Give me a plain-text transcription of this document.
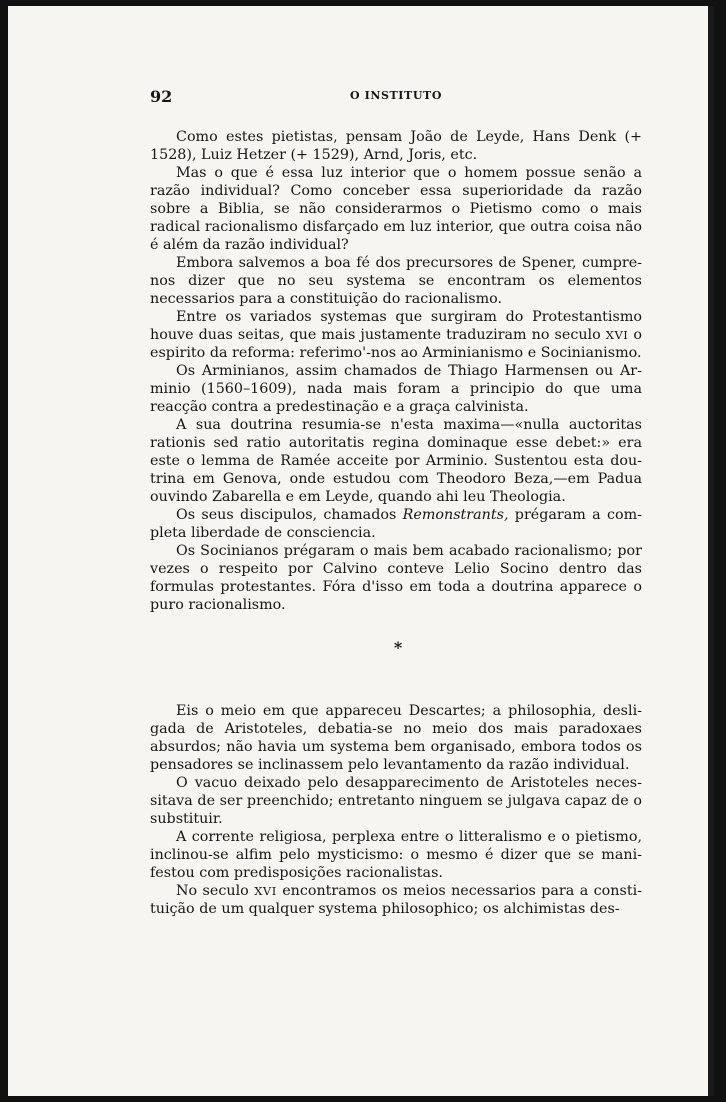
92	O INSTITUTO

Como estes pietistas, pensam João de Leyde, Hans Denk (+ 1528), Luiz Hetzer (+ 1529), Arnd, Joris, etc.

Mas o que é essa luz interior que o homem possue senão a razão individual? Como conceber essa superioridade da razão sobre a Biblia, se não considerarmos o Pietismo como o mais radical racionalismo disfarçado em luz interior, que outra coisa não é além da razão individual?

Embora salvemos a boa fé dos precursores de Spener, cumpre-nos dizer que no seu systema se encontram os elementos necessarios para a constituição do racionalismo.

Entre os variados systemas que surgiram do Protestantismo houve duas seitas, que mais justamente traduziram no seculo XVI o espirito da reforma: referimo'-nos ao Arminianismo e Socinianismo.

Os Arminianos, assim chamados de Thiago Harmensen ou Arminio (1560–1609), nada mais foram a principio do que uma reacção contra a predestinação e a graça calvinista.

A sua doutrina resumia-se n'esta maxima—«nulla auctoritas rationis sed ratio autoritatis regina dominaque esse debet:» era este o lemma de Ramée acceite por Arminio. Sustentou esta doutrina em Genova, onde estudou com Theodoro Beza,—em Padua ouvindo Zabarella e em Leyde, quando ahi leu Theologia.

Os seus discipulos, chamados Remonstrants, prégaram a completa liberdade de consciencia.

Os Socinianos prégaram o mais bem acabado racionalismo; por vezes o respeito por Calvino conteve Lelio Socino dentro das formulas protestantes. Fóra d'isso em toda a doutrina apparece o puro racionalismo.

*

Eis o meio em que appareceu Descartes; a philosophia, desligada de Aristoteles, debatia-se no meio dos mais paradoxaes absurdos; não havia um systema bem organisado, embora todos os pensadores se inclinassem pelo levantamento da razão individual.

O vacuo deixado pelo desapparecimento de Aristoteles necessitava de ser preenchido; entretanto ninguem se julgava capaz de o substituir.

A corrente religiosa, perplexa entre o litteralismo e o pietismo, inclinou-se alfim pelo mysticismo: o mesmo é dizer que se manifestou com predisposições racionalistas.

No seculo XVI encontramos os meios necessarios para a constituição de um qualquer systema philosophico; os alchimistas des-
